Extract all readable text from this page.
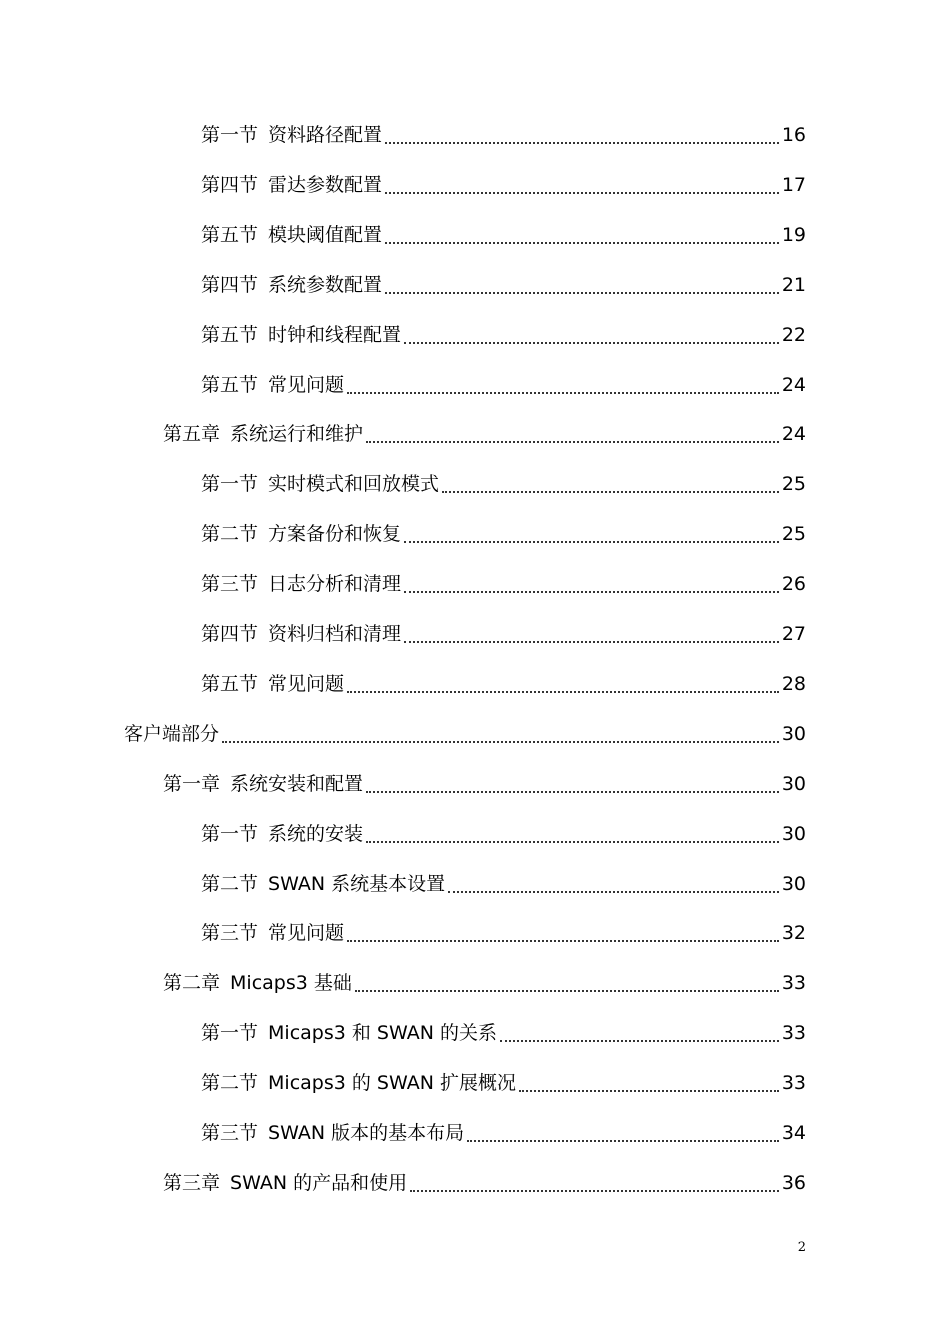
第一节 资料路径配置	16
第四节 雷达参数配置	17
第五节 模块阈值配置	19
第四节 系统参数配置	21
第五节 时钟和线程配置	22
第五节 常见问题	24
第五章 系统运行和维护	24
第一节 实时模式和回放模式	25
第二节 方案备份和恢复	25
第三节 日志分析和清理	26
第四节 资料归档和清理	27
第五节 常见问题	28
客户端部分	30
第一章 系统安装和配置	30
第一节 系统的安装	30
第二节 SWAN 系统基本设置	30
第三节 常见问题	32
第二章 Micaps3 基础	33
第一节 Micaps3 和 SWAN 的关系	33
第二节 Micaps3 的 SWAN 扩展概况	33
第三节 SWAN 版本的基本布局	34
第三章 SWAN 的产品和使用	36
2
